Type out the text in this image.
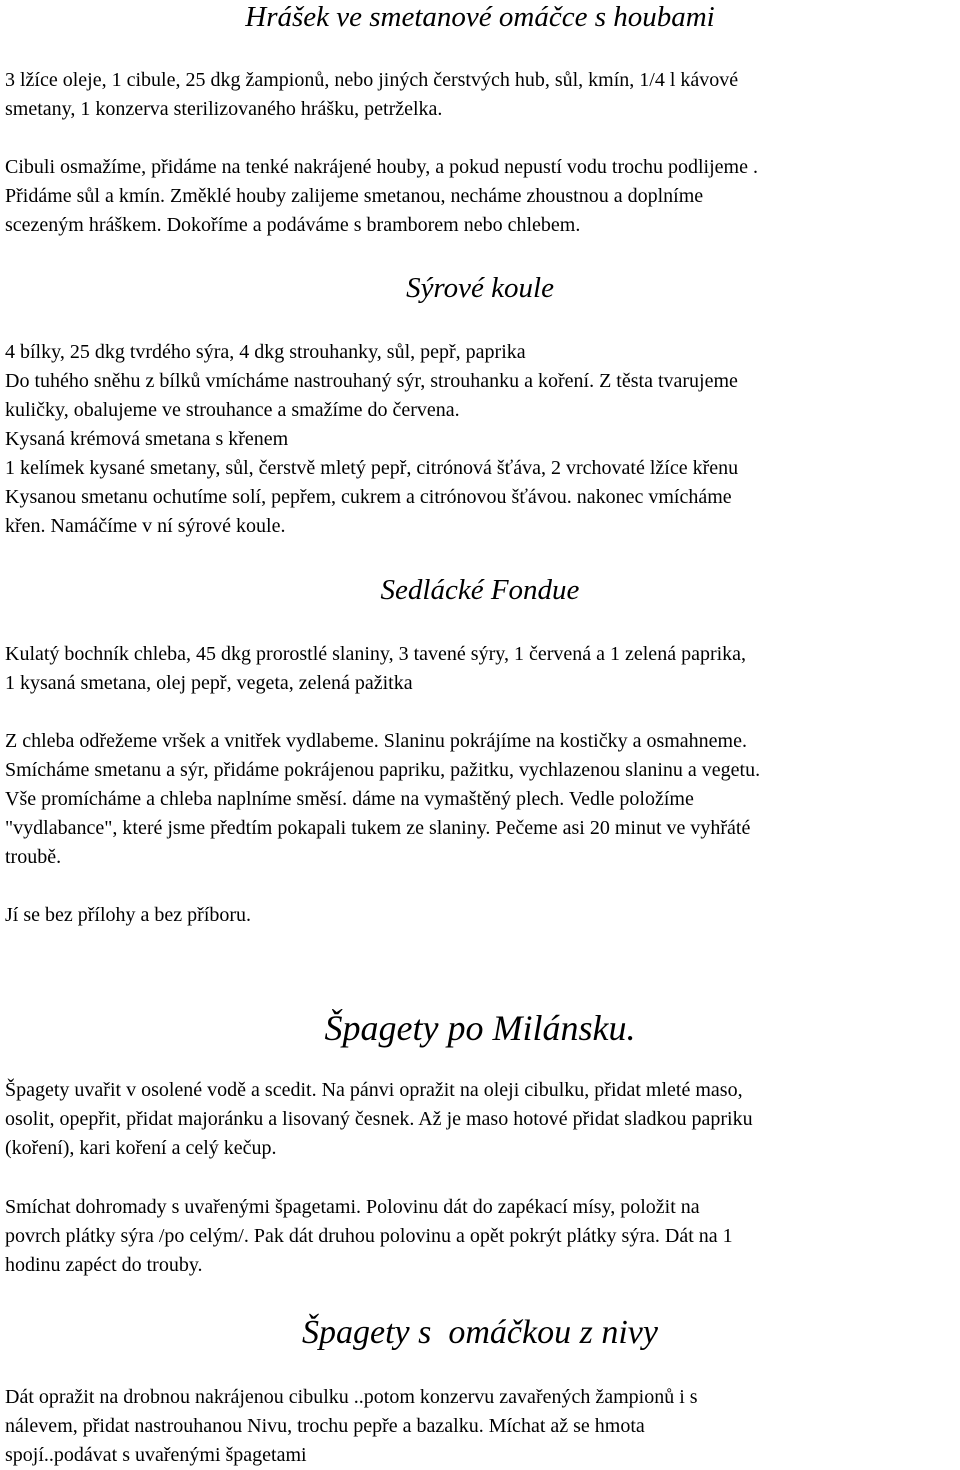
Hrášek ve smetanové omáčce s houbami

3 lžíce oleje, 1 cibule, 25 dkg žampionů, nebo jiných čerstvých hub, sůl, kmín, 1/4 l kávové

smetany, 1 konzerva sterilizovaného hrášku, petrželka.

Cibuli osmažíme, přidáme na tenké nakrájené houby, a pokud nepustí vodu trochu podlijeme .

Přidáme sůl a kmín. Změklé houby zalijeme smetanou, necháme zhoustnou a doplníme

scezeným hráškem. Dokoříme a podáváme s bramborem nebo chlebem.

Sýrové koule

4 bílky, 25 dkg tvrdého sýra, 4 dkg strouhanky, sůl, pepř, paprika

Do tuhého sněhu z bílků vmícháme nastrouhaný sýr, strouhanku a koření. Z těsta tvarujeme

kuličky, obalujeme ve strouhance a smažíme do červena.

Kysaná krémová smetana s křenem

1 kelímek kysané smetany, sůl, čerstvě mletý pepř, citrónová šťáva, 2 vrchovaté lžíce křenu

Kysanou smetanu ochutíme solí, pepřem, cukrem a citrónovou šťávou. nakonec vmícháme

křen. Namáčíme v ní sýrové koule.

Sedlácké Fondue

Kulatý bochník chleba, 45 dkg prorostlé slaniny, 3 tavené sýry, 1 červená a 1 zelená paprika,

1 kysaná smetana, olej pepř, vegeta, zelená pažitka

Z chleba odřežeme vršek a vnitřek vydlabeme. Slaninu pokrájíme na kostičky a osmahneme.

Smícháme smetanu a sýr, přidáme pokrájenou papriku, pažitku, vychlazenou slaninu a vegetu.

Vše promícháme a chleba naplníme směsí. dáme na vymaštěný plech. Vedle položíme

"vydlabance", které jsme předtím pokapali tukem ze slaniny. Pečeme asi 20 minut ve vyhřáté

troubě.

Jí se bez přílohy a bez příboru.

Špagety po Milánsku.

Špagety uvařit v osolené vodě a scedit. Na pánvi opražit na oleji cibulku, přidat mleté maso,

osolit, opepřit, přidat majoránku a lisovaný česnek. Až je maso hotové přidat sladkou papriku

(koření), kari koření a celý kečup.

Smíchat dohromady s uvařenými špagetami. Polovinu dát do zapékací mísy, položit na

povrch plátky sýra /po celým/. Pak dát druhou polovinu a opět pokrýt plátky sýra. Dát na 1

hodinu zapéct do trouby.

Špagety s  omáčkou z nivy

Dát opražit na drobnou nakrájenou cibulku ..potom konzervu zavařených žampionů i s

nálevem, přidat nastrouhanou Nivu, trochu pepře a bazalku. Míchat až se hmota

spojí..podávat s uvařenými špagetami
